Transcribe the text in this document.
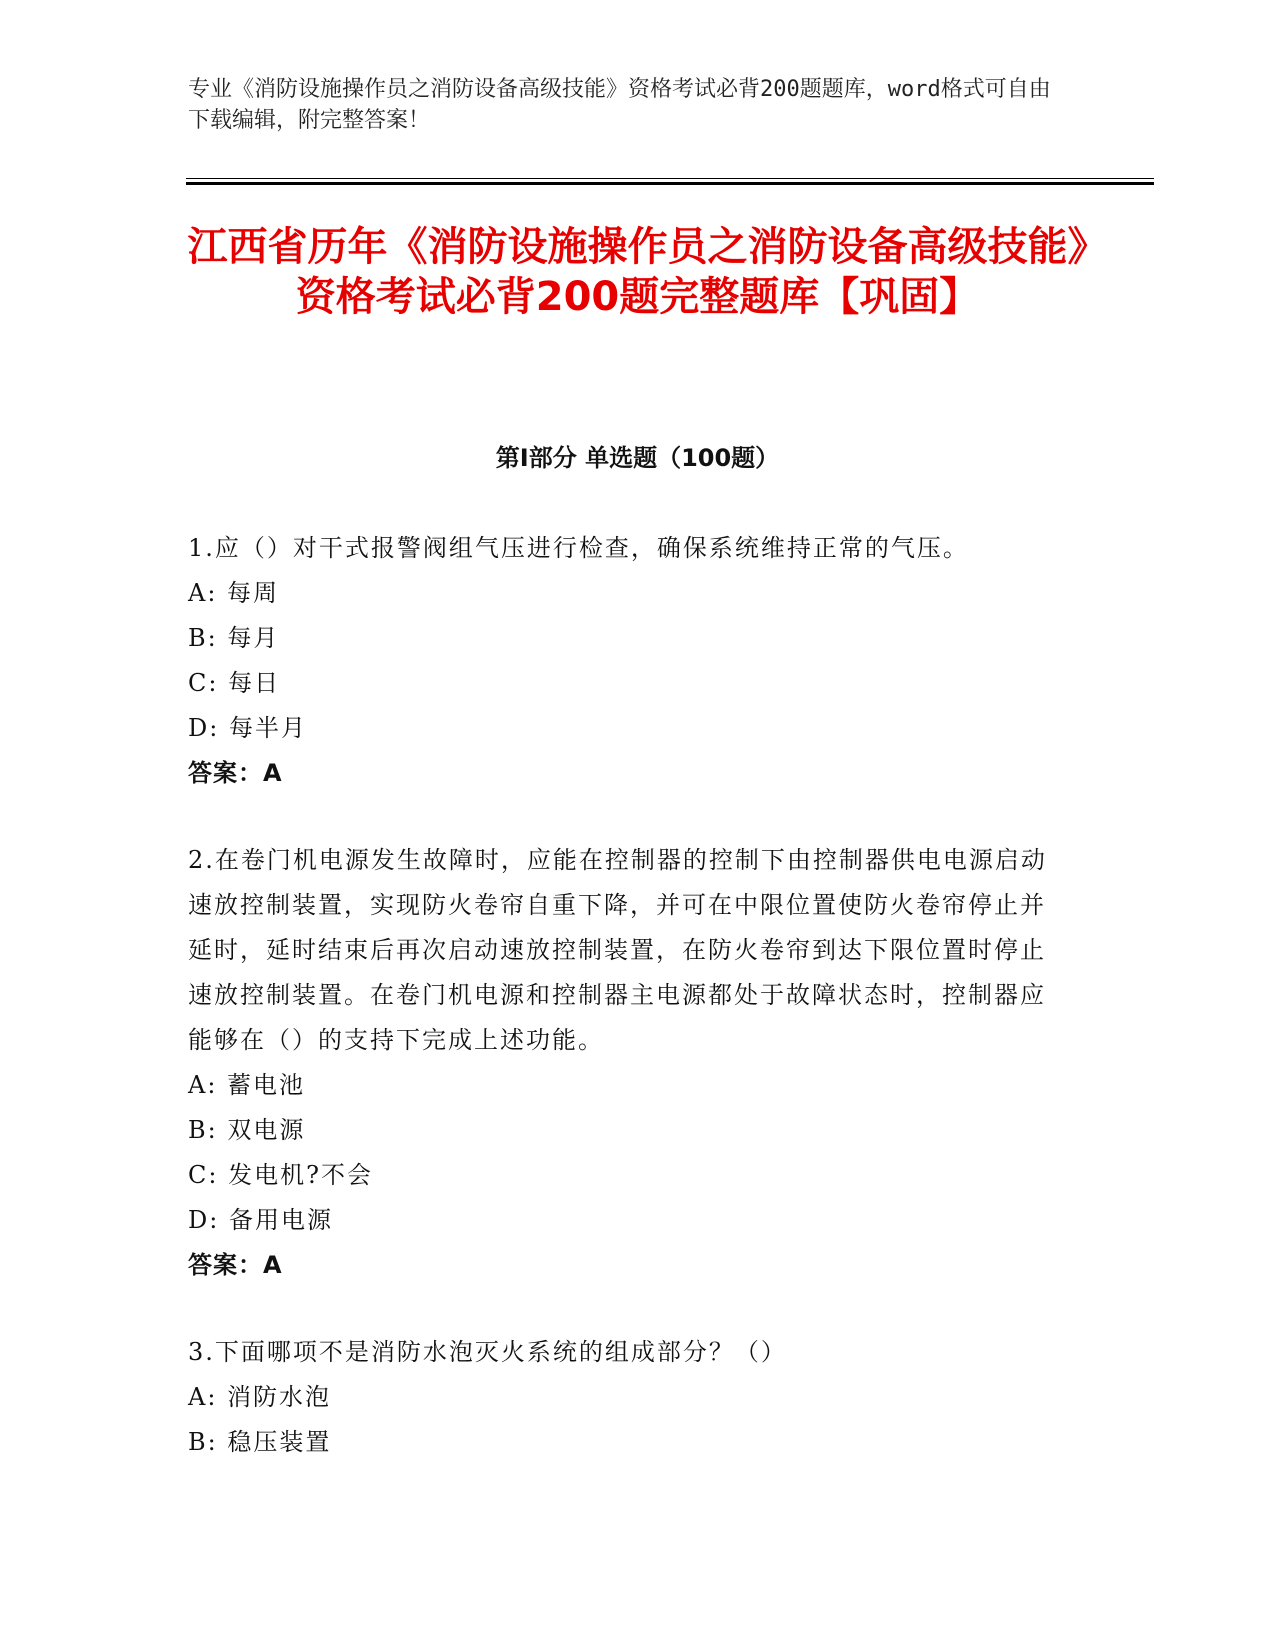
专业《消防设施操作员之消防设备高级技能》资格考试必背200题题库，word格式可自由下载编辑，附完整答案！
江西省历年《消防设施操作员之消防设备高级技能》资格考试必背200题完整题库【巩固】
第I部分 单选题（100题）

1.应（）对干式报警阀组气压进行检查，确保系统维持正常的气压。

A: 每周

B: 每月

C: 每日

D: 每半月

答案：A

2.在卷门机电源发生故障时，应能在控制器的控制下由控制器供电电源启动速放控制装置，实现防火卷帘自重下降，并可在中限位置使防火卷帘停止并延时，延时结束后再次启动速放控制装置，在防火卷帘到达下限位置时停止速放控制装置。在卷门机电源和控制器主电源都处于故障状态时，控制器应能够在（）的支持下完成上述功能。

A: 蓄电池

B: 双电源

C: 发电机?不会

D: 备用电源

答案：A

3.下面哪项不是消防水泡灭火系统的组成部分？（）

A: 消防水泡

B: 稳压装置
